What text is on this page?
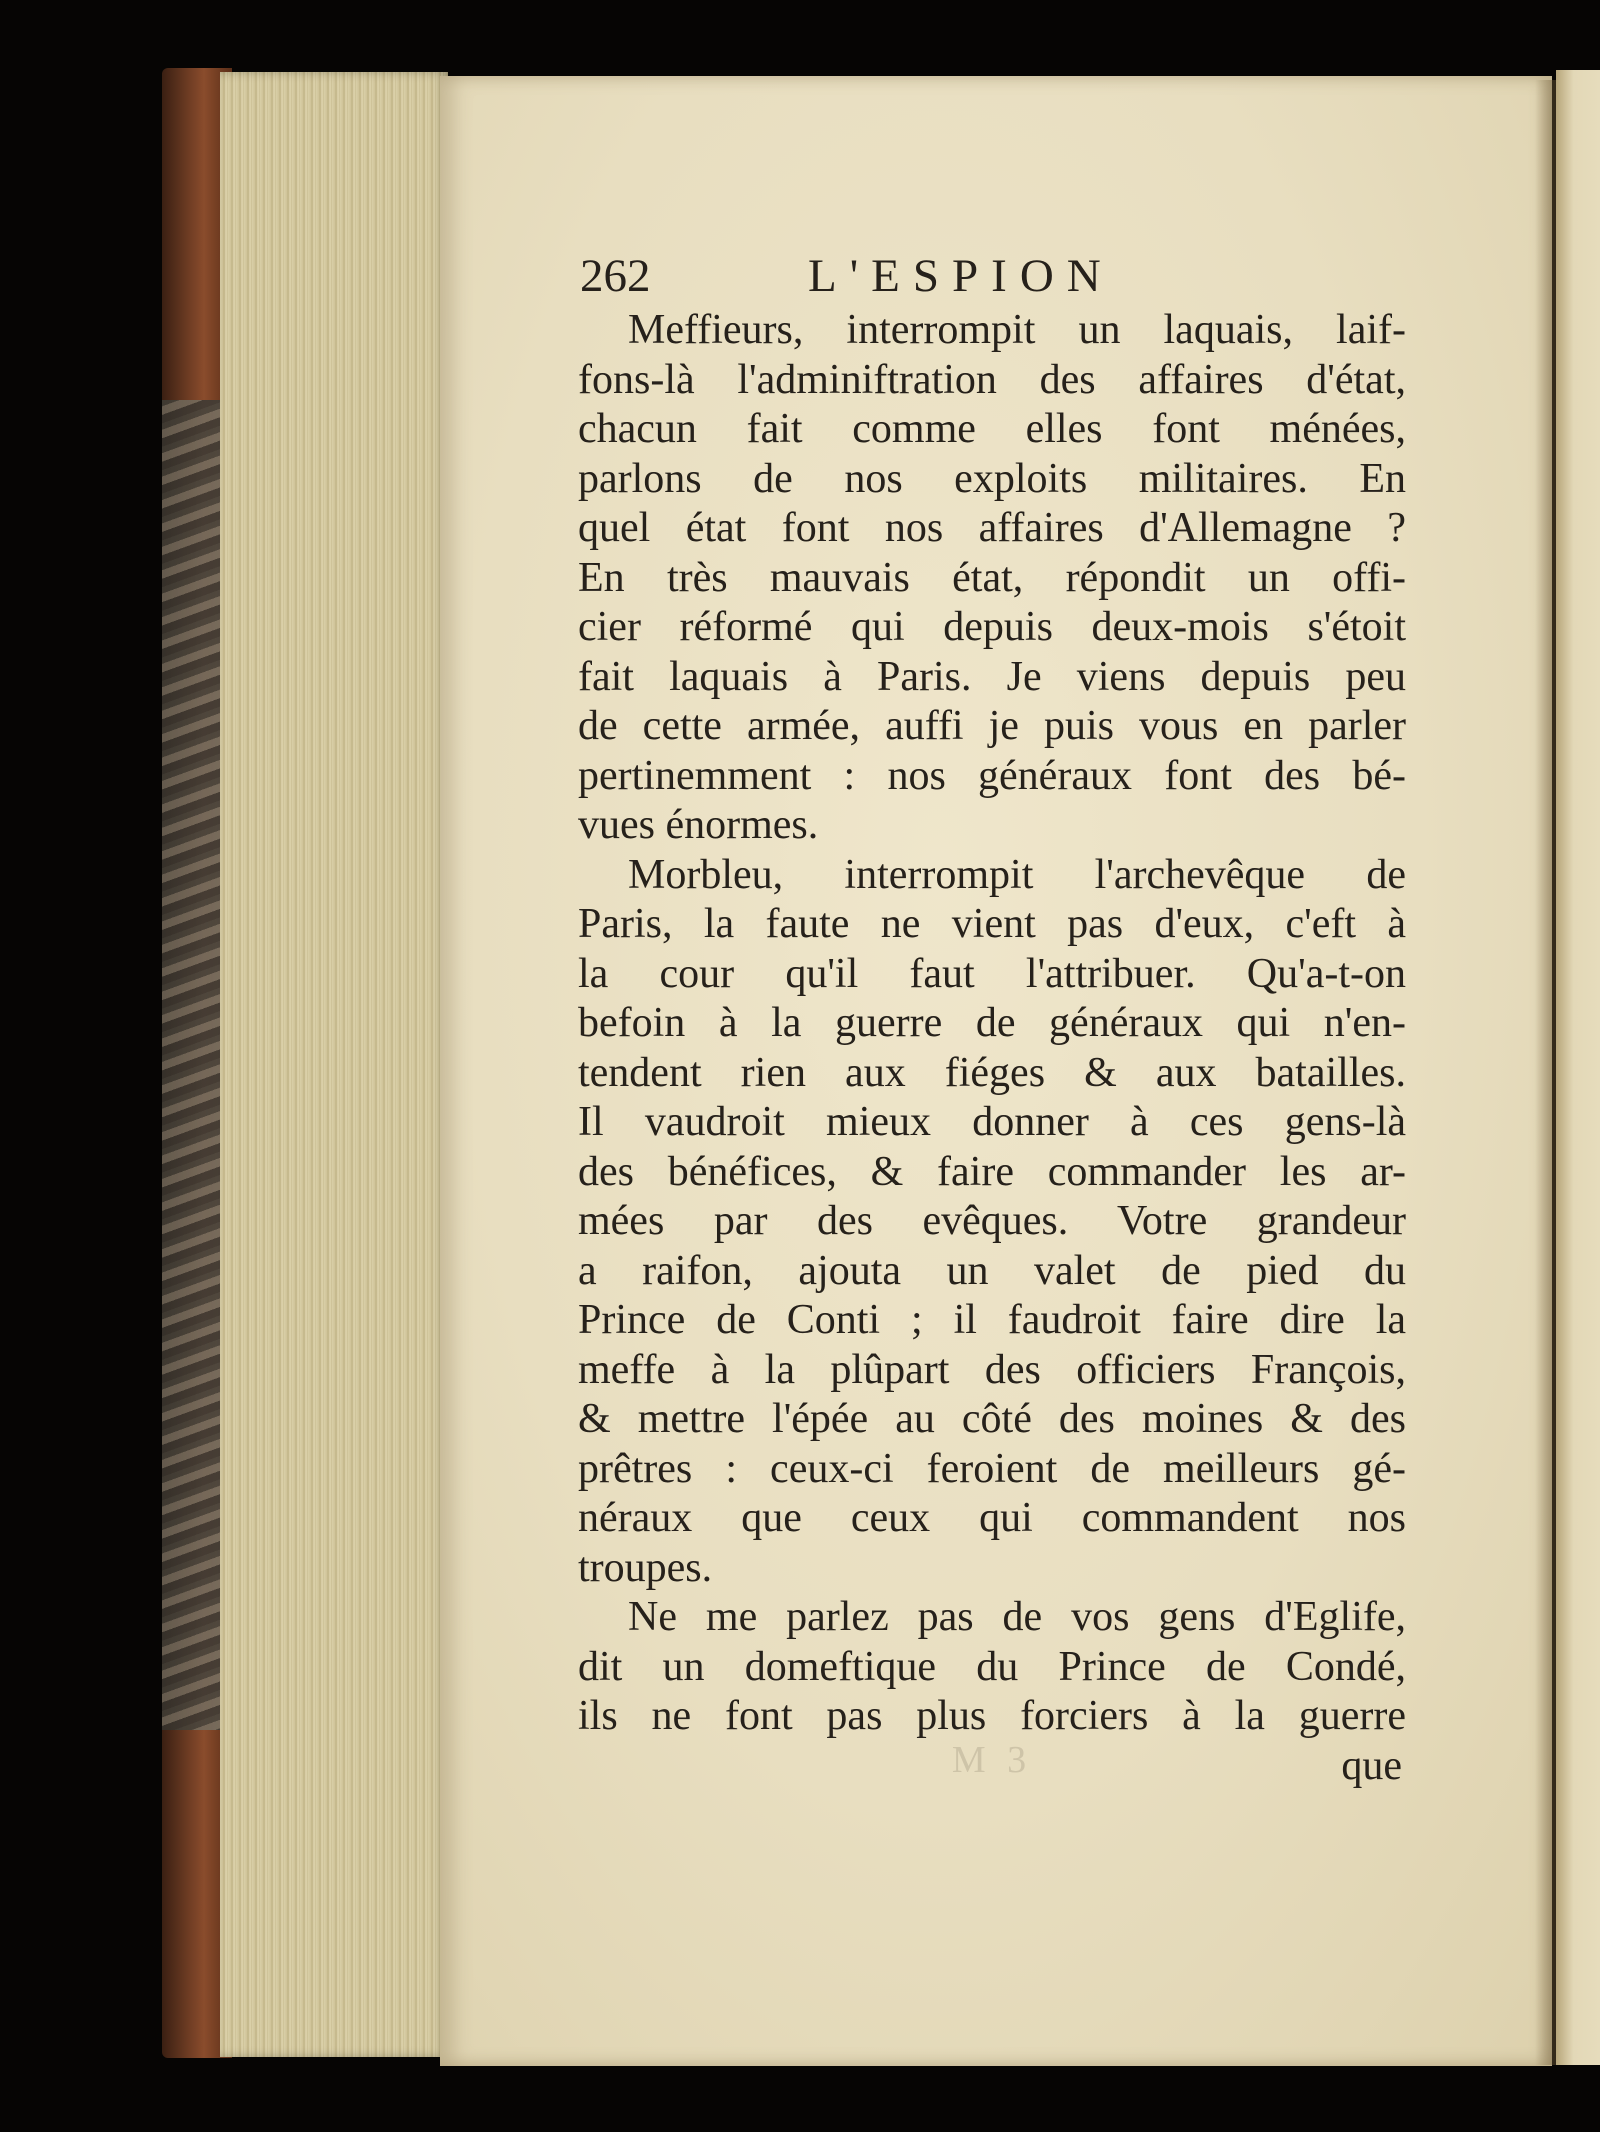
262	L'ESPION
Meffieurs, interrompit un laquais, laif-
fons-là l'adminiftration des affaires d'état,
chacun fait comme elles font ménées,
parlons de nos exploits militaires. En
quel état font nos affaires d'Allemagne ?
En très mauvais état, répondit un offi-
cier réformé qui depuis deux-mois s'étoit
fait laquais à Paris. Je viens depuis peu
de cette armée, auffi je puis vous en parler
pertinemment : nos généraux font des bé-
vues énormes.
Morbleu, interrompit l'archevêque de
Paris, la faute ne vient pas d'eux, c'eft à
la cour qu'il faut l'attribuer. Qu'a-t-on
befoin à la guerre de généraux qui n'en-
tendent rien aux fiéges & aux batailles.
Il vaudroit mieux donner à ces gens-là
des bénéfices, & faire commander les ar-
mées par des evêques. Votre grandeur
a raifon, ajouta un valet de pied du
Prince de Conti ; il faudroit faire dire la
meffe à la plûpart des officiers François,
& mettre l'épée au côté des moines & des
prêtres : ceux-ci feroient de meilleurs gé-
néraux que ceux qui commandent nos
troupes.
Ne me parlez pas de vos gens d'Eglife,
dit un domeftique du Prince de Condé,
ils ne font pas plus forciers à la guerre
M 3	que
